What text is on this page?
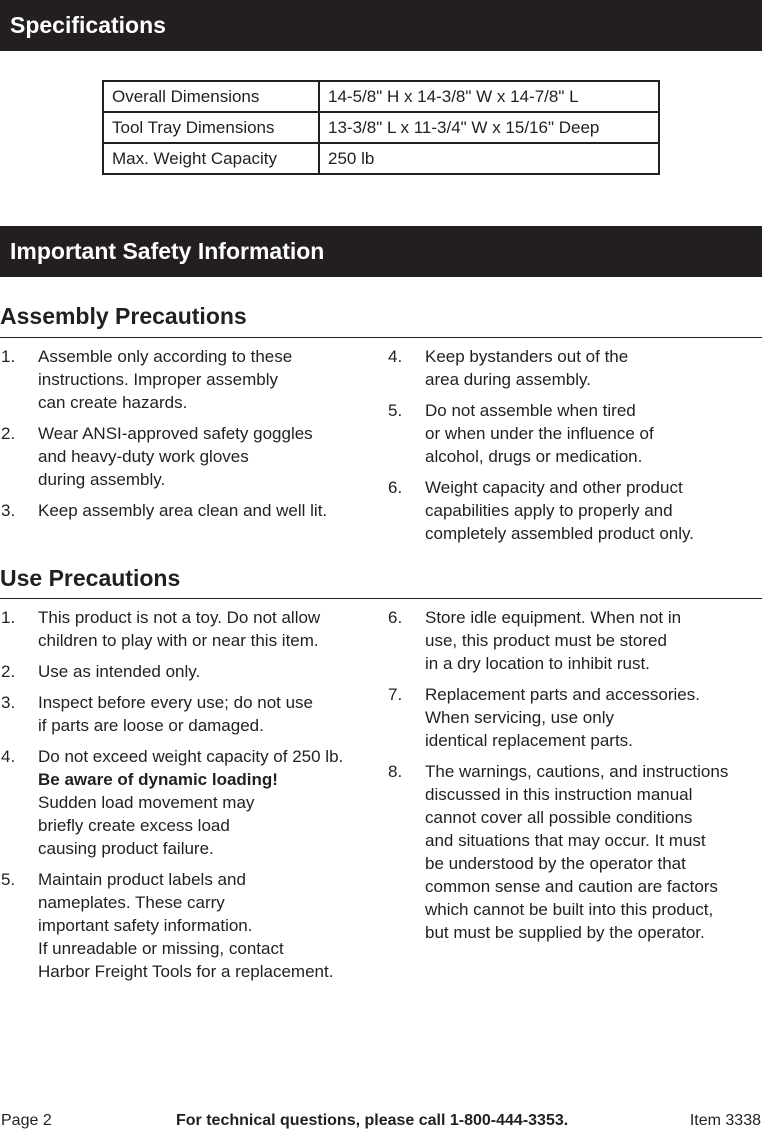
Specifications
Overall Dimensions	14-5/8" H x 14-3/8" W x 14-7/8" L
Tool Tray Dimensions	13-3/8" L x 11-3/4" W x 15/16" Deep
Max. Weight Capacity	250 lb
Important Safety Information
Assembly Precautions
1. Assemble only according to these
instructions. Improper assembly
can create hazards.
2. Wear ANSI-approved safety goggles
and heavy-duty work gloves
during assembly.
3. Keep assembly area clean and well lit.
4. Keep bystanders out of the
area during assembly.
5. Do not assemble when tired
or when under the influence of
alcohol, drugs or medication.
6. Weight capacity and other product
capabilities apply to properly and
completely assembled product only.
Use Precautions
1. This product is not a toy. Do not allow
children to play with or near this item.
2. Use as intended only.
3. Inspect before every use; do not use
if parts are loose or damaged.
4. Do not exceed weight capacity of 250 lb.
Be aware of dynamic loading!
Sudden load movement may
briefly create excess load
causing product failure.
5. Maintain product labels and
nameplates. These carry
important safety information.
If unreadable or missing, contact
Harbor Freight Tools for a replacement.
6. Store idle equipment. When not in
use, this product must be stored
in a dry location to inhibit rust.
7. Replacement parts and accessories.
When servicing, use only
identical replacement parts.
8. The warnings, cautions, and instructions
discussed in this instruction manual
cannot cover all possible conditions
and situations that may occur. It must
be understood by the operator that
common sense and caution are factors
which cannot be built into this product,
but must be supplied by the operator.
Page 2	For technical questions, please call 1-800-444-3353.	Item 3338
